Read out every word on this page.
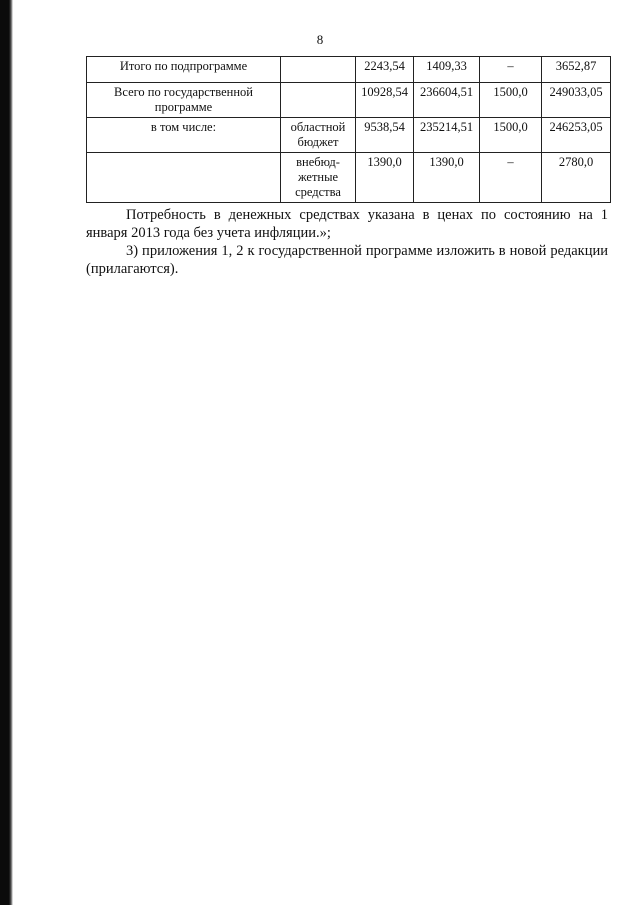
8
Итого по подпрограмме		2243,54	1409,33	–	3652,87
Всего по государственной программе		10928,54	236604,51	1500,0	249033,05
в том числе:	областной бюджет	9538,54	235214,51	1500,0	246253,05
	внебюд-жетные средства	1390,0	1390,0	–	2780,0

Потребность в денежных средствах указана в ценах по состоянию на 1 января 2013 года без учета инфляции.»;

3) приложения 1, 2 к государственной программе изложить в новой редакции (прилагаются).
